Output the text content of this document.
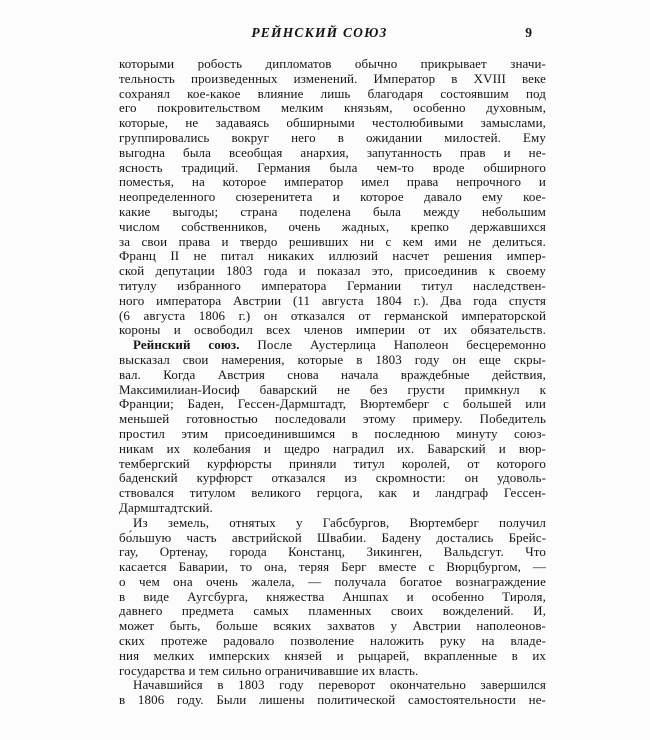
РЕЙНСКИЙ СОЮЗ	9
которыми робость дипломатов обычно прикрывает значи-
тельность произведенных изменений. Император в XVIII веке
сохранял кое-какое влияние лишь благодаря состоявшим под
его покровительством мелким князьям, особенно духовным,
которые, не задаваясь обширными честолюбивыми замыслами,
группировались вокруг него в ожидании милостей. Ему
выгодна была всеобщая анархия, запутанность прав и не-
ясность традиций. Германия была чем-то вроде обширного
поместья, на которое император имел права непрочного и
неопределенного сюзеренитета и которое давало ему кое-
какие выгоды; страна поделена была между небольшим
числом собственников, очень жадных, крепко державшихся
за свои права и твердо решивших ни с кем ими не делиться.
Франц II не питал никаких иллюзий насчет решения импер-
ской депутации 1803 года и показал это, присоединив к своему
титулу избранного императора Германии титул наследствен-
ного императора Австрии (11 августа 1804 г.). Два года спустя
(6 августа 1806 г.) он отказался от германской императорской
короны и освободил всех членов империи от их обязательств.
Рейнский союз. После Аустерлица Наполеон бесцеремонно
высказал свои намерения, которые в 1803 году он еще скры-
вал. Когда Австрия снова начала враждебные действия,
Максимилиан-Иосиф баварский не без грусти примкнул к
Франции; Баден, Гессен-Дармштадт, Вюртемберг с большей или
меньшей готовностью последовали этому примеру. Победитель
простил этим присоединившимся в последнюю минуту союз-
никам их колебания и щедро наградил их. Баварский и вюр-
тембергский курфюрсты приняли титул королей, от которого
баденский курфюрст отказался из скромности: он удоволь-
ствовался титулом великого герцога, как и ландграф Гессен-
Дармштадтский.
Из земель, отнятых у Габсбургов, Вюртемберг получил
бо́льшую часть австрийской Швабии. Бадену достались Брейс-
гау, Ортенау, города Констанц, Зикинген, Вальдсгут. Что
касается Баварии, то она, теряя Берг вместе с Вюрцбургом, —
о чем она очень жалела, — получала богатое вознаграждение
в виде Аугсбурга, княжества Аншпах и особенно Тироля,
давнего предмета самых пламенных своих вожделений. И,
может быть, больше всяких захватов у Австрии наполеонов-
ских протеже радовало позволение наложить руку на владе-
ния мелких имперских князей и рыцарей, вкрапленные в их
государства и тем сильно ограничивавшие их власть.
Начавшийся в 1803 году переворот окончательно завершился
в 1806 году. Были лишены политической самостоятельности не-
